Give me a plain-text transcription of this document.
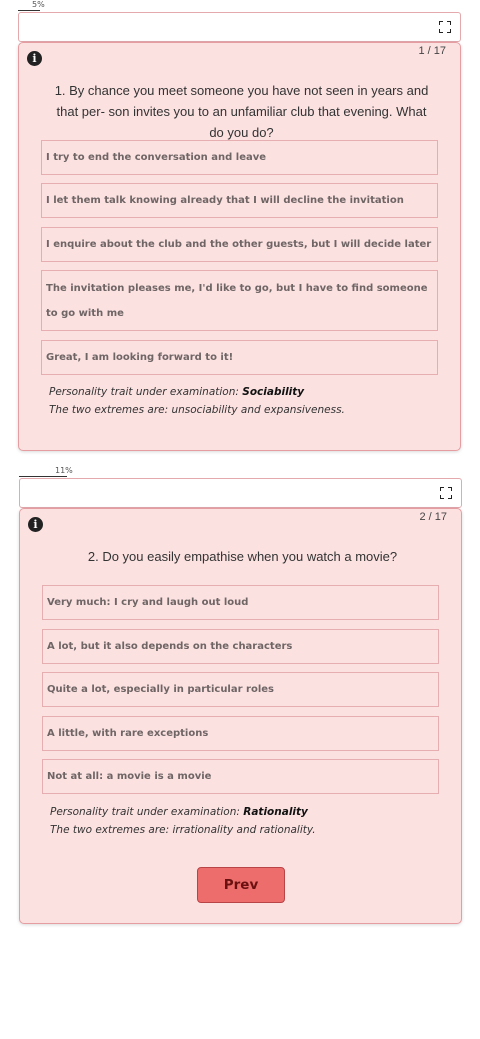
5%
i
1 / 17

1. By chance you meet someone you have not seen in years and that per- son invites you to an unfamiliar club that evening. What do you do?

I try to end the conversation and leave
I let them talk knowing already that I will decline the invitation
I enquire about the club and the other guests, but I will decide later
The invitation pleases me, I'd like to go, but I have to find someone to go with me
Great, I am looking forward to it!
Personality trait under examination: Sociability
The two extremes are: unsociability and expansiveness.
11%
i
2 / 17

2. Do you easily empathise when you watch a movie?

Very much: I cry and laugh out loud
A lot, but it also depends on the characters
Quite a lot, especially in particular roles
A little, with rare exceptions
Not at all: a movie is a movie
Personality trait under examination: Rationality
The two extremes are: irrationality and rationality.
Prev
